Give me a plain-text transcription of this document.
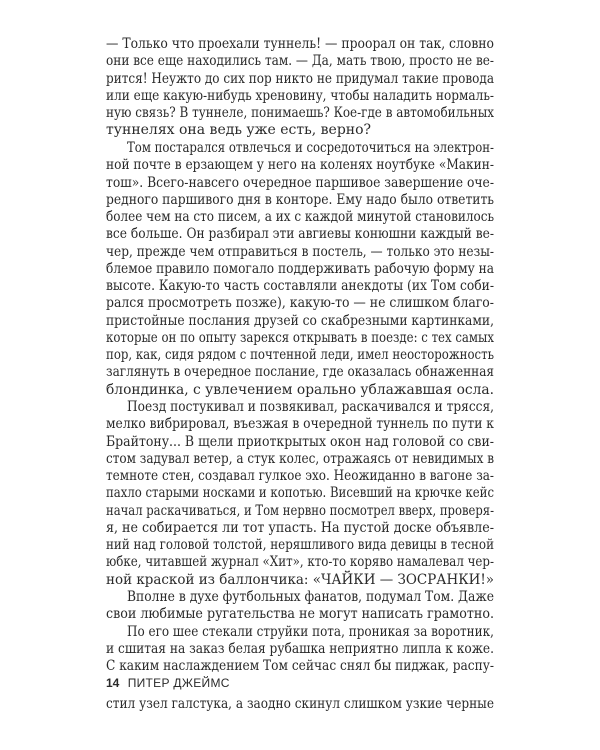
— Только что проехали туннель! — проорал он так, словно
они все еще находились там. — Да, мать твою, просто не ве-
рится! Неужто до сих пор никто не придумал такие провода
или еще какую-нибудь хреновину, чтобы наладить нормаль-
ную связь? В туннеле, понимаешь? Кое-где в автомобильных
туннелях она ведь уже есть, верно?
Том постарался отвлечься и сосредоточиться на электрон-
ной почте в ерзающем у него на коленях ноутбуке «Макин-
тош». Всего-навсего очередное паршивое завершение оче-
редного паршивого дня в конторе. Ему надо было ответить
более чем на сто писем, а их с каждой минутой становилось
все больше. Он разбирал эти авгиевы конюшни каждый ве-
чер, прежде чем отправиться в постель, — только это незы-
блемое правило помогало поддерживать рабочую форму на
высоте. Какую-то часть составляли анекдоты (их Том соби-
рался просмотреть позже), какую-то — не слишком благо-
пристойные послания друзей со скабрезными картинками,
которые он по опыту зарекся открывать в поезде: с тех самых
пор, как, сидя рядом с почтенной леди, имел неосторожность
заглянуть в очередное послание, где оказалась обнаженная
блондинка, с увлечением орально ублажавшая осла.
Поезд постукивал и позвякивал, раскачивался и трясся,
мелко вибрировал, въезжая в очередной туннель по пути к
Брайтону... В щели приоткрытых окон над головой со сви-
стом задувал ветер, а стук колес, отражаясь от невидимых в
темноте стен, создавал гулкое эхо. Неожиданно в вагоне за-
пахло старыми носками и копотью. Висевший на крючке кейс
начал раскачиваться, и Том нервно посмотрел вверх, проверя-
я, не собирается ли тот упасть. На пустой доске объявле-
ний над головой толстой, неряшливого вида девицы в тесной
юбке, читавшей журнал «Хит», кто-то коряво намалевал чер-
ной краской из баллончика: «ЧАЙКИ — ЗОСРАНКИ!»
Вполне в духе футбольных фанатов, подумал Том. Даже
свои любимые ругательства не могут написать грамотно.
По его шее стекали струйки пота, проникая за воротник,
и сшитая на заказ белая рубашка неприятно липла к коже.
С каким наслаждением Том сейчас снял бы пиджак, распу-
стил узел галстука, а заодно скинул слишком узкие черные
14 ПИТЕР ДЖЕЙМС
